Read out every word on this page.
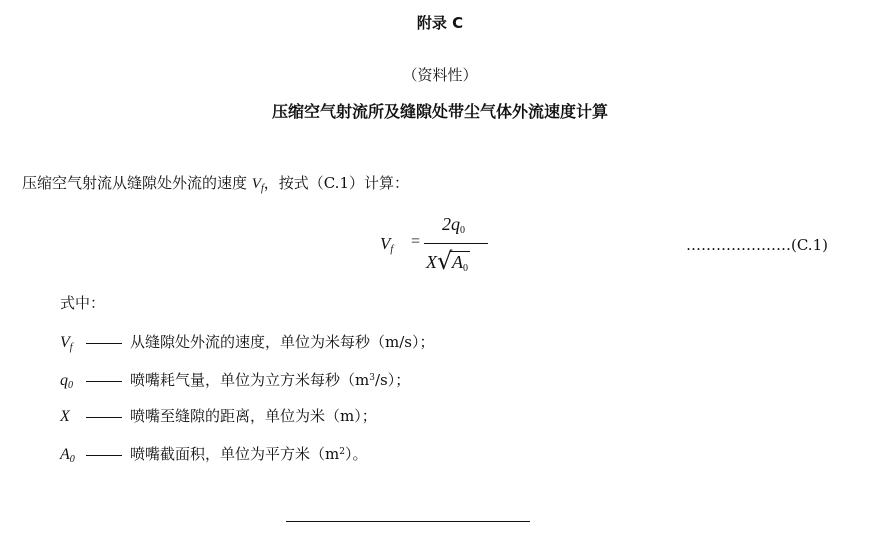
附录 C
（资料性）
压缩空气射流所及缝隙处带尘气体外流速度计算
压缩空气射流从缝隙处外流的速度 $V_f$，按式（C.1）计算：
$V_f$ =
$2q_0$
X√ $A_0$
…………………(C.1)
式中：
$V_f$	从缝隙处外流的速度，单位为米每秒（m/s）；
$q_0$	喷嘴耗气量，单位为立方米每秒$(m^3/s)$；
X	喷嘴至缝隙的距离，单位为米（m）；
$A_0$	喷嘴截面积，单位为平方米$(m^2)$。
